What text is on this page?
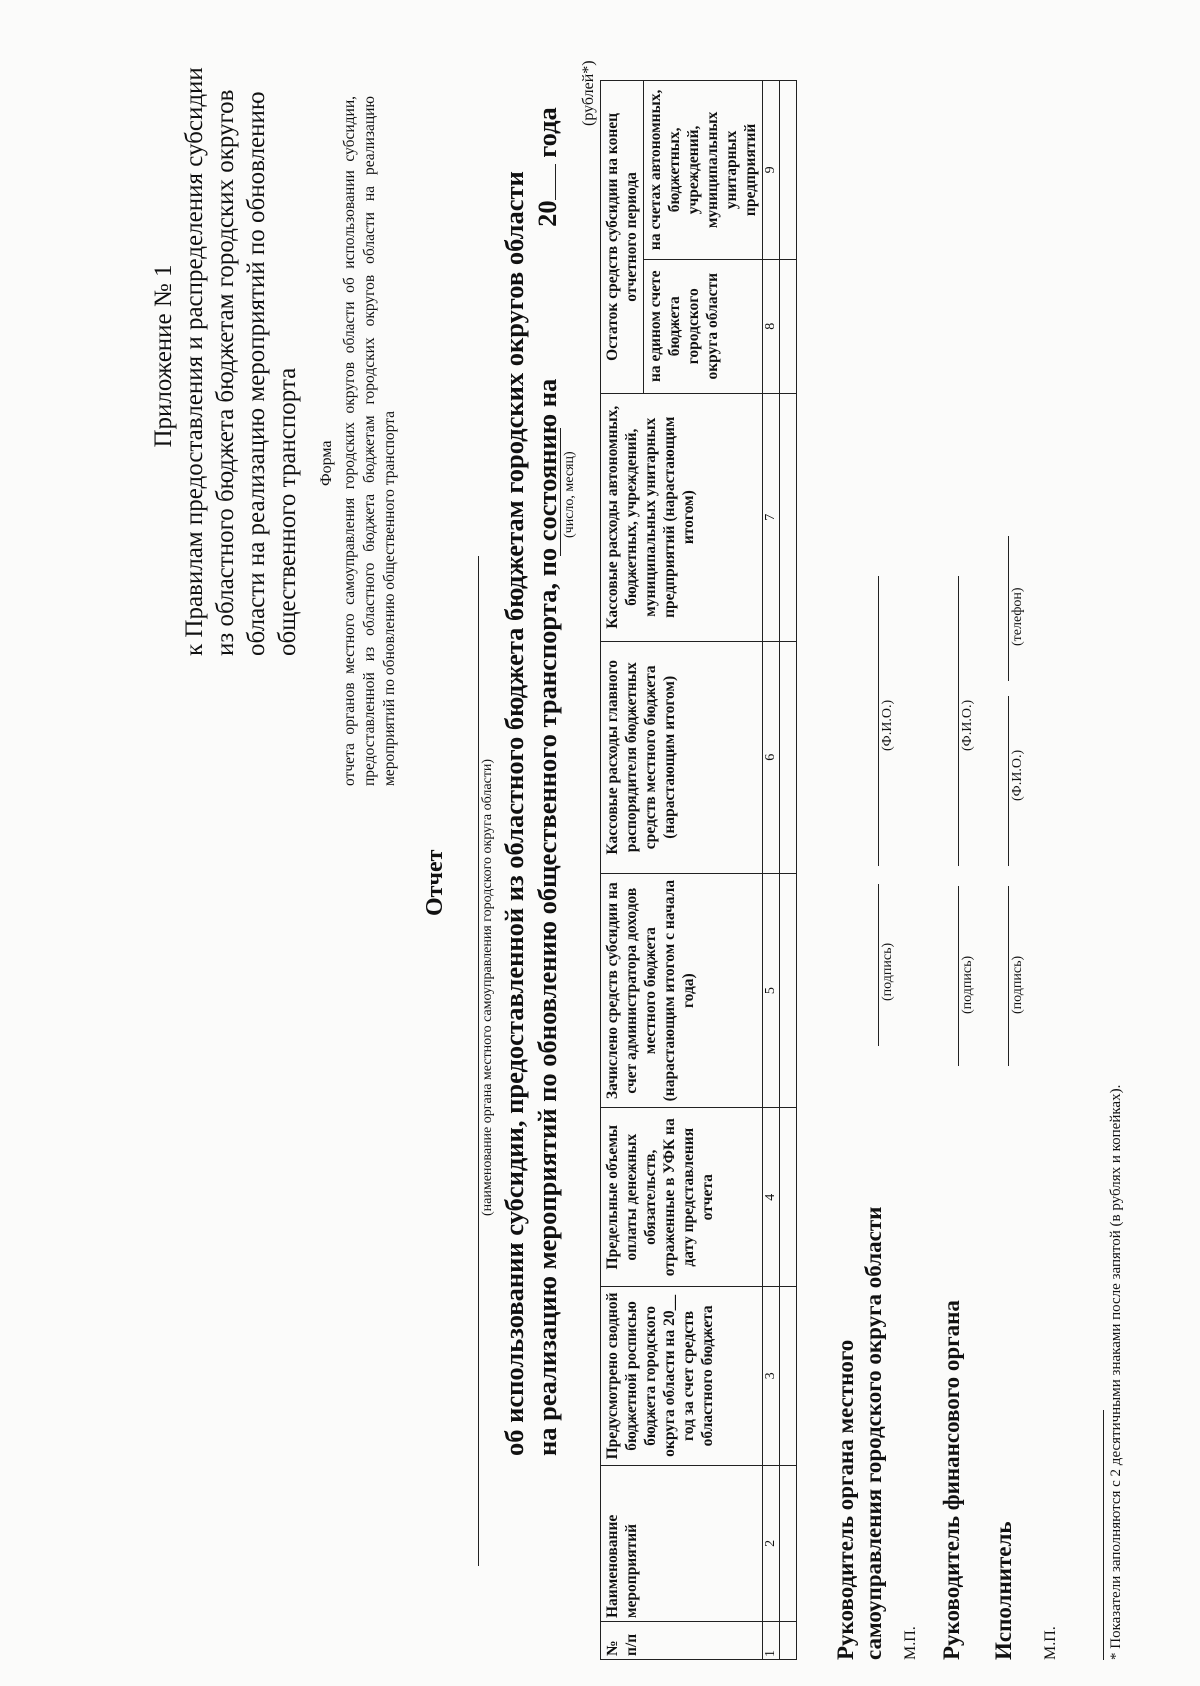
Приложение № 1 к Правилам предоставления и распределения субсидии из областного бюджета бюджетам городских округов области на реализацию мероприятий по обновлению общественного транспорта Форма отчета органов местного самоуправления городских округов области об использовании субсидии, предоставленной из областного бюджета бюджетам городских округов области на реализацию мероприятий по обновлению общественного транспорта
Отчет (наименование органа местного самоуправления городского округа области) об использовании субсидии, предоставленной из областного бюджета бюджетам городских округов области на реализацию мероприятий по обновлению общественного транспорта, по состоянию на   20 года
(число, месяц)
(рублей*)
№ п/п	Наименование мероприятий	Предусмотрено сводной бюджетной росписью бюджета городского округа области на 20__ год за счет средств областного бюджета	Предельные объемы оплаты денежных обязательств, отраженные в УФК на дату представления отчета	Зачислено средств субсидии на счет администратора доходов местного бюджета (нарастающим итогом с начала года)	Кассовые расходы главного распорядителя бюджетных средств местного бюджета (нарастающим итогом)	Кассовые расходы автономных, бюджетных, учреждений, муниципальных унитарных предприятий (нарастающим итогом)	Остаток средств субсидии на конец отчетного периода	
							на едином счете бюджета городского округа области	на счетах автономных, бюджетных, учреждений, муниципальных унитарных предприятий
1	2	3	4	5	6	7	8	9

Руководитель органа местного самоуправления городского округа области М.П.
(подпись)
(Ф.И.О.)
Руководитель финансового органа
(подпись)
(Ф.И.О.)
Исполнитель М.П.
(подпись)
(Ф.И.О.)
(телефон)
* Показатели заполняются с 2 десятичными знаками после запятой (в рублях и копейках).
